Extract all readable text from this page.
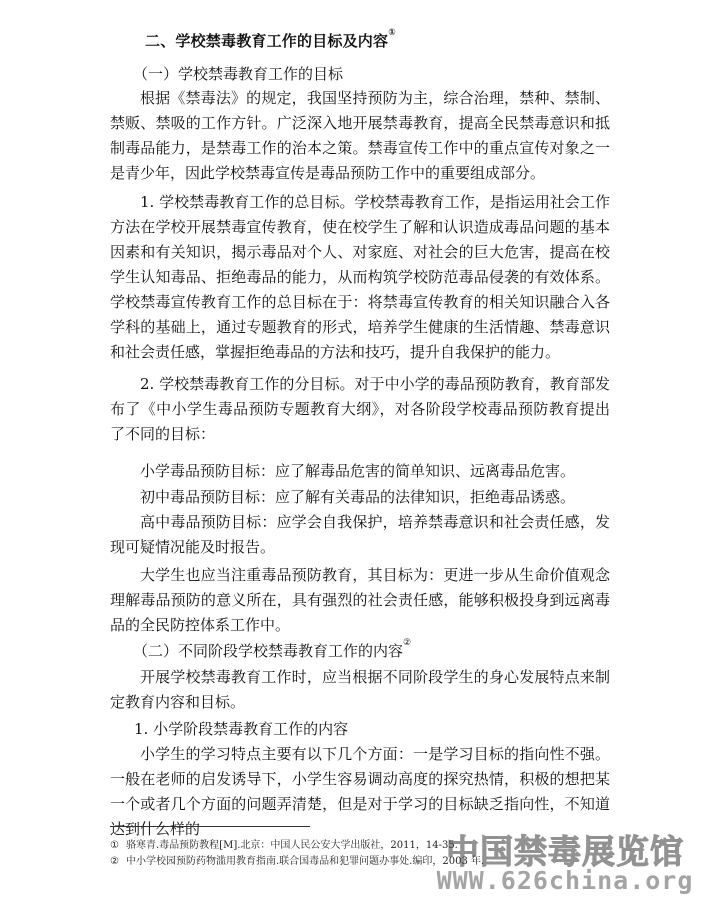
二、学校禁毒教育工作的目标及内容①
（一）学校禁毒教育工作的目标
根据《禁毒法》的规定，我国坚持预防为主，综合治理，禁种、禁制、禁贩、禁吸的工作方针。广泛深入地开展禁毒教育，提高全民禁毒意识和抵制毒品能力，是禁毒工作的治本之策。禁毒宣传工作中的重点宣传对象之一是青少年，因此学校禁毒宣传是毒品预防工作中的重要组成部分。
1. 学校禁毒教育工作的总目标。学校禁毒教育工作，是指运用社会工作方法在学校开展禁毒宣传教育，使在校学生了解和认识造成毒品问题的基本因素和有关知识，揭示毒品对个人、对家庭、对社会的巨大危害，提高在校学生认知毒品、拒绝毒品的能力，从而构筑学校防范毒品侵袭的有效体系。学校禁毒宣传教育工作的总目标在于：将禁毒宣传教育的相关知识融合入各学科的基础上，通过专题教育的形式，培养学生健康的生活情趣、禁毒意识和社会责任感，掌握拒绝毒品的方法和技巧，提升自我保护的能力。
2. 学校禁毒教育工作的分目标。对于中小学的毒品预防教育，教育部发布了《中小学生毒品预防专题教育大纲》，对各阶段学校毒品预防教育提出了不同的目标：
小学毒品预防目标：应了解毒品危害的简单知识、远离毒品危害。
初中毒品预防目标：应了解有关毒品的法律知识，拒绝毒品诱惑。
高中毒品预防目标：应学会自我保护，培养禁毒意识和社会责任感，发现可疑情况能及时报告。
大学生也应当注重毒品预防教育，其目标为：更进一步从生命价值观念理解毒品预防的意义所在，具有强烈的社会责任感，能够积极投身到远离毒品的全民防控体系工作中。
（二）不同阶段学校禁毒教育工作的内容②
开展学校禁毒教育工作时，应当根据不同阶段学生的身心发展特点来制定教育内容和目标。
1. 小学阶段禁毒教育工作的内容
小学生的学习特点主要有以下几个方面：一是学习目标的指向性不强。一般在老师的启发诱导下，小学生容易调动高度的探究热情，积极的想把某一个或者几个方面的问题弄清楚，但是对于学习的目标缺乏指向性，不知道达到什么样的
① 骆寒青.毒品预防教程[M].北京：中国人民公安大学出版社，2011，14-35.
② 中小学校园预防药物滥用教育指南.联合国毒品和犯罪问题办事处.编印，2003 年.
中国禁毒展览馆
WWW.626china.org
